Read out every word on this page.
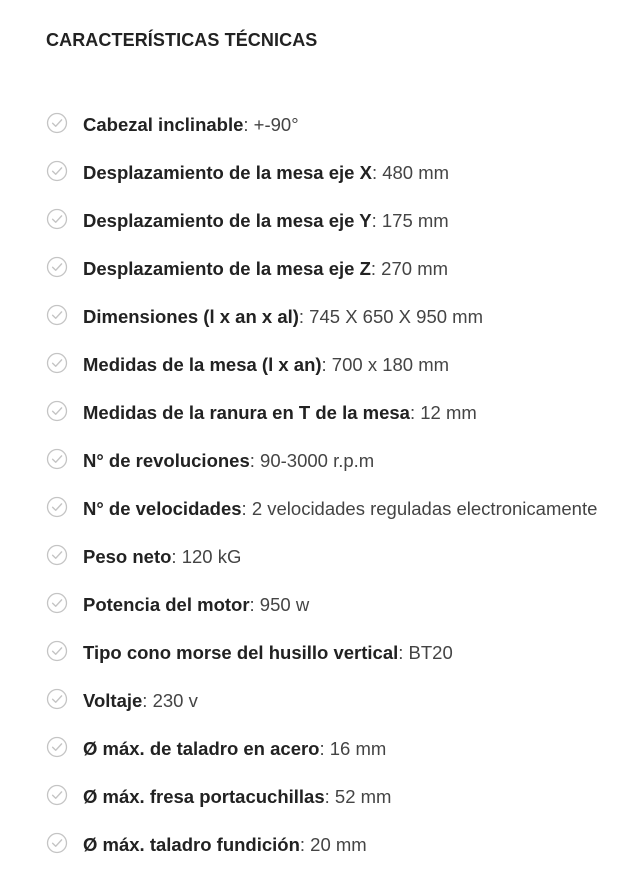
CARACTERÍSTICAS TÉCNICAS
Cabezal inclinable: +-90°
Desplazamiento de la mesa eje X: 480 mm
Desplazamiento de la mesa eje Y: 175 mm
Desplazamiento de la mesa eje Z: 270 mm
Dimensiones (l x an x al): 745 X 650 X 950 mm
Medidas de la mesa (l x an): 700 x 180 mm
Medidas de la ranura en T de la mesa: 12 mm
N° de revoluciones: 90-3000 r.p.m
N° de velocidades: 2 velocidades reguladas electronicamente
Peso neto: 120 kG
Potencia del motor: 950 w
Tipo cono morse del husillo vertical: BT20
Voltaje: 230 v
Ø máx. de taladro en acero: 16 mm
Ø máx. fresa portacuchillas: 52 mm
Ø máx. taladro fundición: 20 mm
